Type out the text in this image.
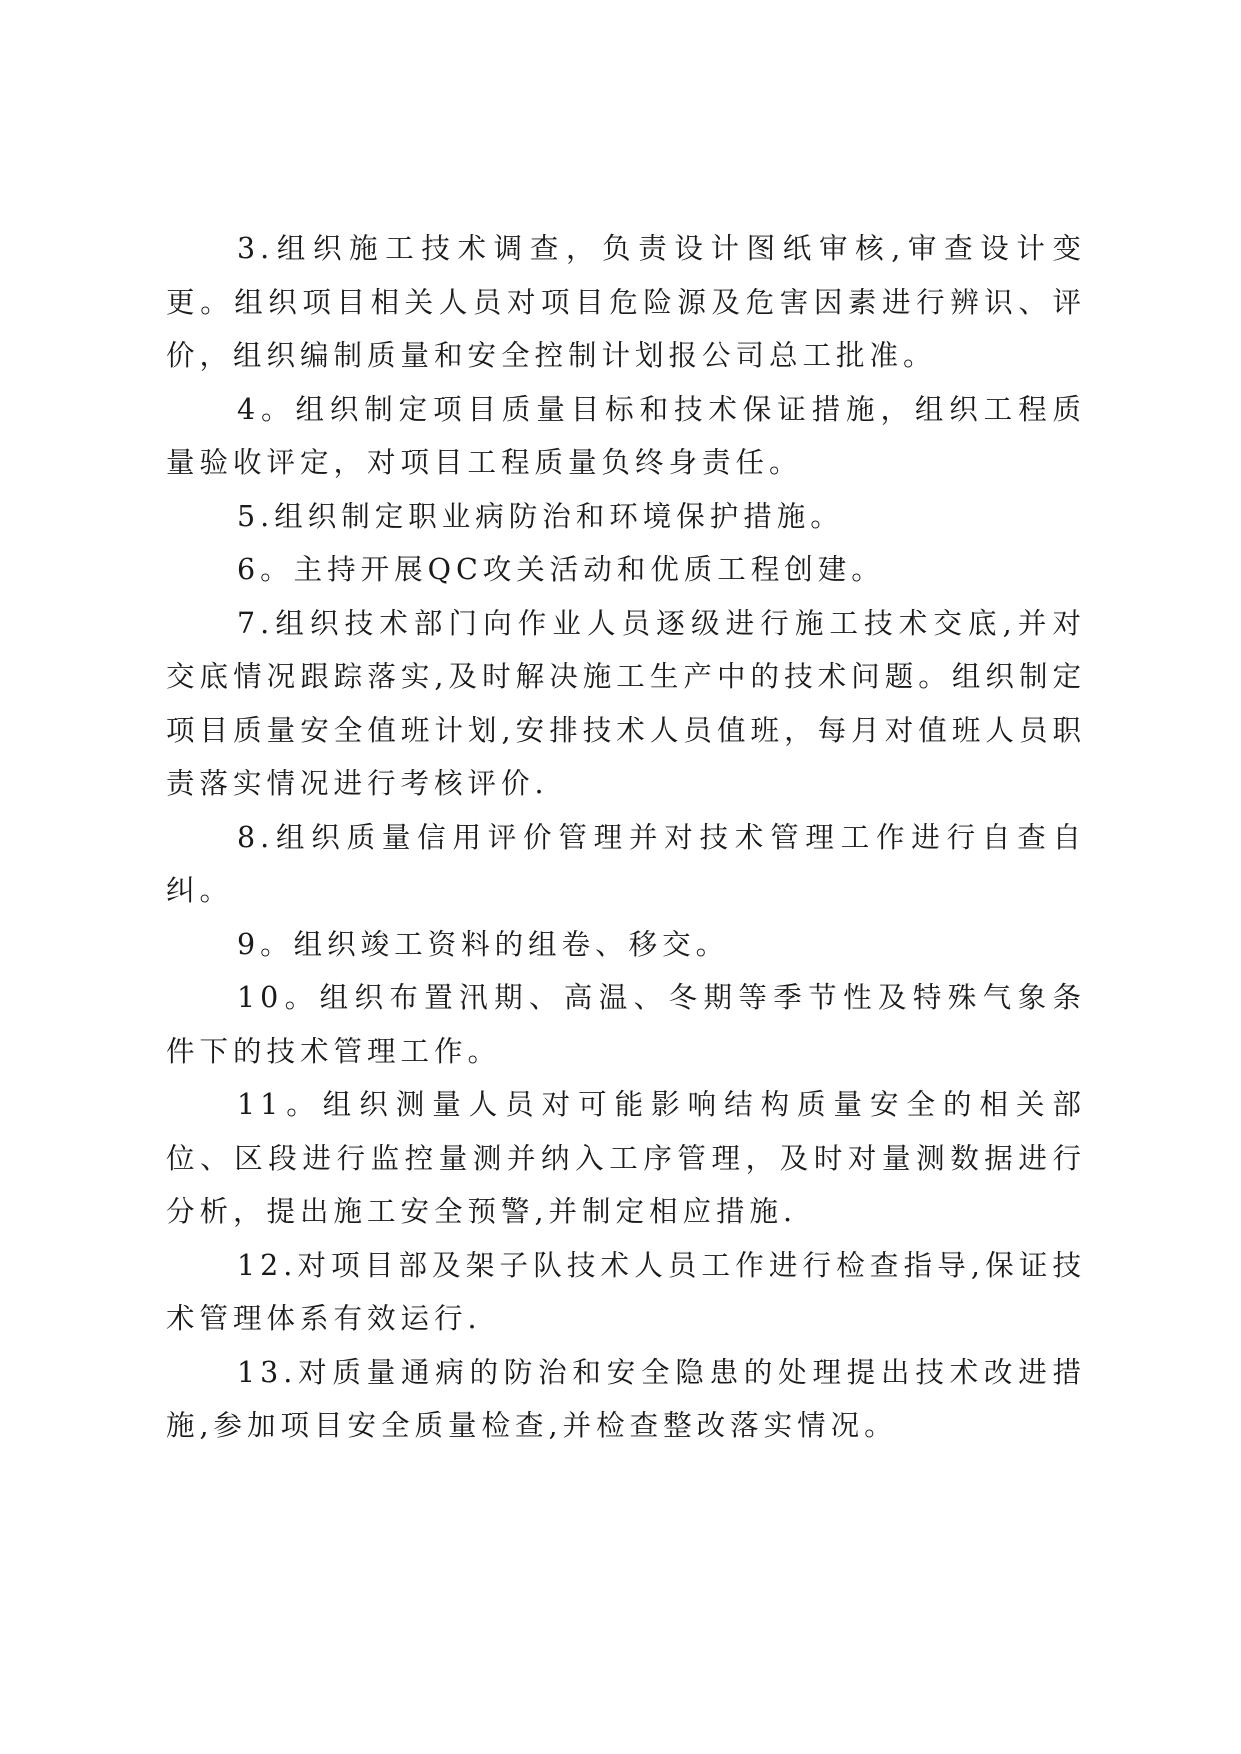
3.组织施工技术调查，负责设计图纸审核,审查设计变更。组织项目相关人员对项目危险源及危害因素进行辨识、评价，组织编制质量和安全控制计划报公司总工批准。

4。组织制定项目质量目标和技术保证措施，组织工程质量验收评定，对项目工程质量负终身责任。

5.组织制定职业病防治和环境保护措施。

6。主持开展QC攻关活动和优质工程创建。

7.组织技术部门向作业人员逐级进行施工技术交底,并对交底情况跟踪落实,及时解决施工生产中的技术问题。组织制定项目质量安全值班计划,安排技术人员值班，每月对值班人员职责落实情况进行考核评价.

8.组织质量信用评价管理并对技术管理工作进行自查自纠。

9。组织竣工资料的组卷、移交。

10。组织布置汛期、高温、冬期等季节性及特殊气象条件下的技术管理工作。

11。组织测量人员对可能影响结构质量安全的相关部位、区段进行监控量测并纳入工序管理，及时对量测数据进行分析，提出施工安全预警,并制定相应措施.

12.对项目部及架子队技术人员工作进行检查指导,保证技术管理体系有效运行.

13.对质量通病的防治和安全隐患的处理提出技术改进措施,参加项目安全质量检查,并检查整改落实情况。
